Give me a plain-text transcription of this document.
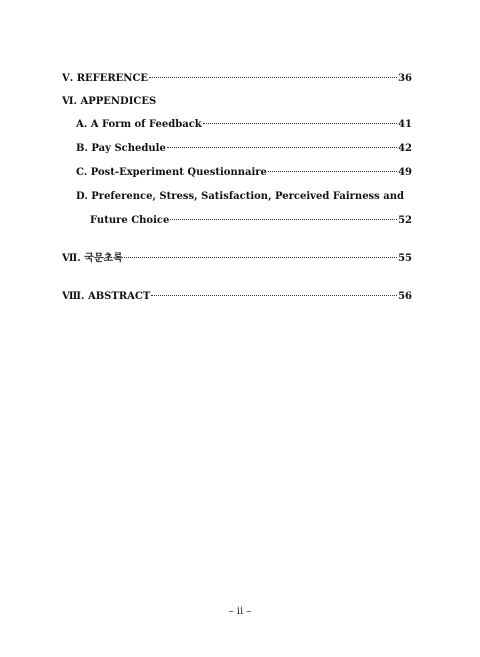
Ⅴ. REFERENCE	36
Ⅵ. APPENDICES
A. A Form of Feedback	41
B. Pay Schedule	42
C. Post-Experiment Questionnaire	49
D. Preference, Stress, Satisfaction, Perceived Fairness and
Future Choice	52
Ⅶ. 국문초록	55
Ⅷ. ABSTRACT	56
– ii –
